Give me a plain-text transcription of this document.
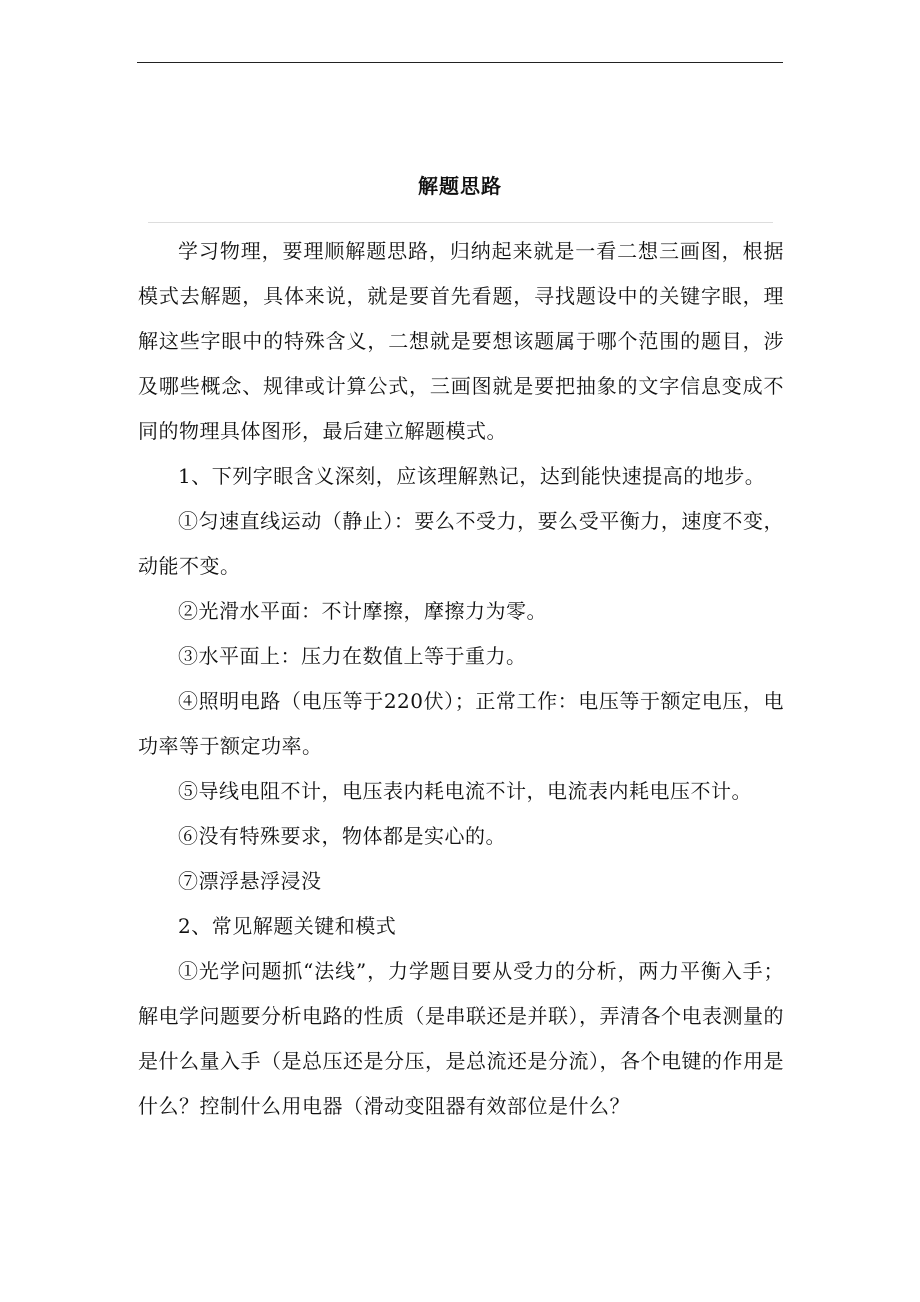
解题思路

学习物理，要理顺解题思路，归纳起来就是一看二想三画图，根据模式去解题，具体来说，就是要首先看题，寻找题设中的关键字眼，理解这些字眼中的特殊含义，二想就是要想该题属于哪个范围的题目，涉及哪些概念、规律或计算公式，三画图就是要把抽象的文字信息变成不同的物理具体图形，最后建立解题模式。

1、下列字眼含义深刻，应该理解熟记，达到能快速提高的地步。

①匀速直线运动（静止）：要么不受力，要么受平衡力，速度不变，动能不变。

②光滑水平面：不计摩擦，摩擦力为零。

③水平面上：压力在数值上等于重力。

④照明电路（电压等于220伏）；正常工作：电压等于额定电压，电功率等于额定功率。

⑤导线电阻不计，电压表内耗电流不计，电流表内耗电压不计。

⑥没有特殊要求，物体都是实心的。

⑦漂浮悬浮浸没

2、常见解题关键和模式

①光学问题抓“法线”，力学题目要从受力的分析，两力平衡入手；解电学问题要分析电路的性质（是串联还是并联），弄清各个电表测量的是什么量入手（是总压还是分压，是总流还是分流），各个电键的作用是什么？控制什么用电器（滑动变阻器有效部位是什么？
